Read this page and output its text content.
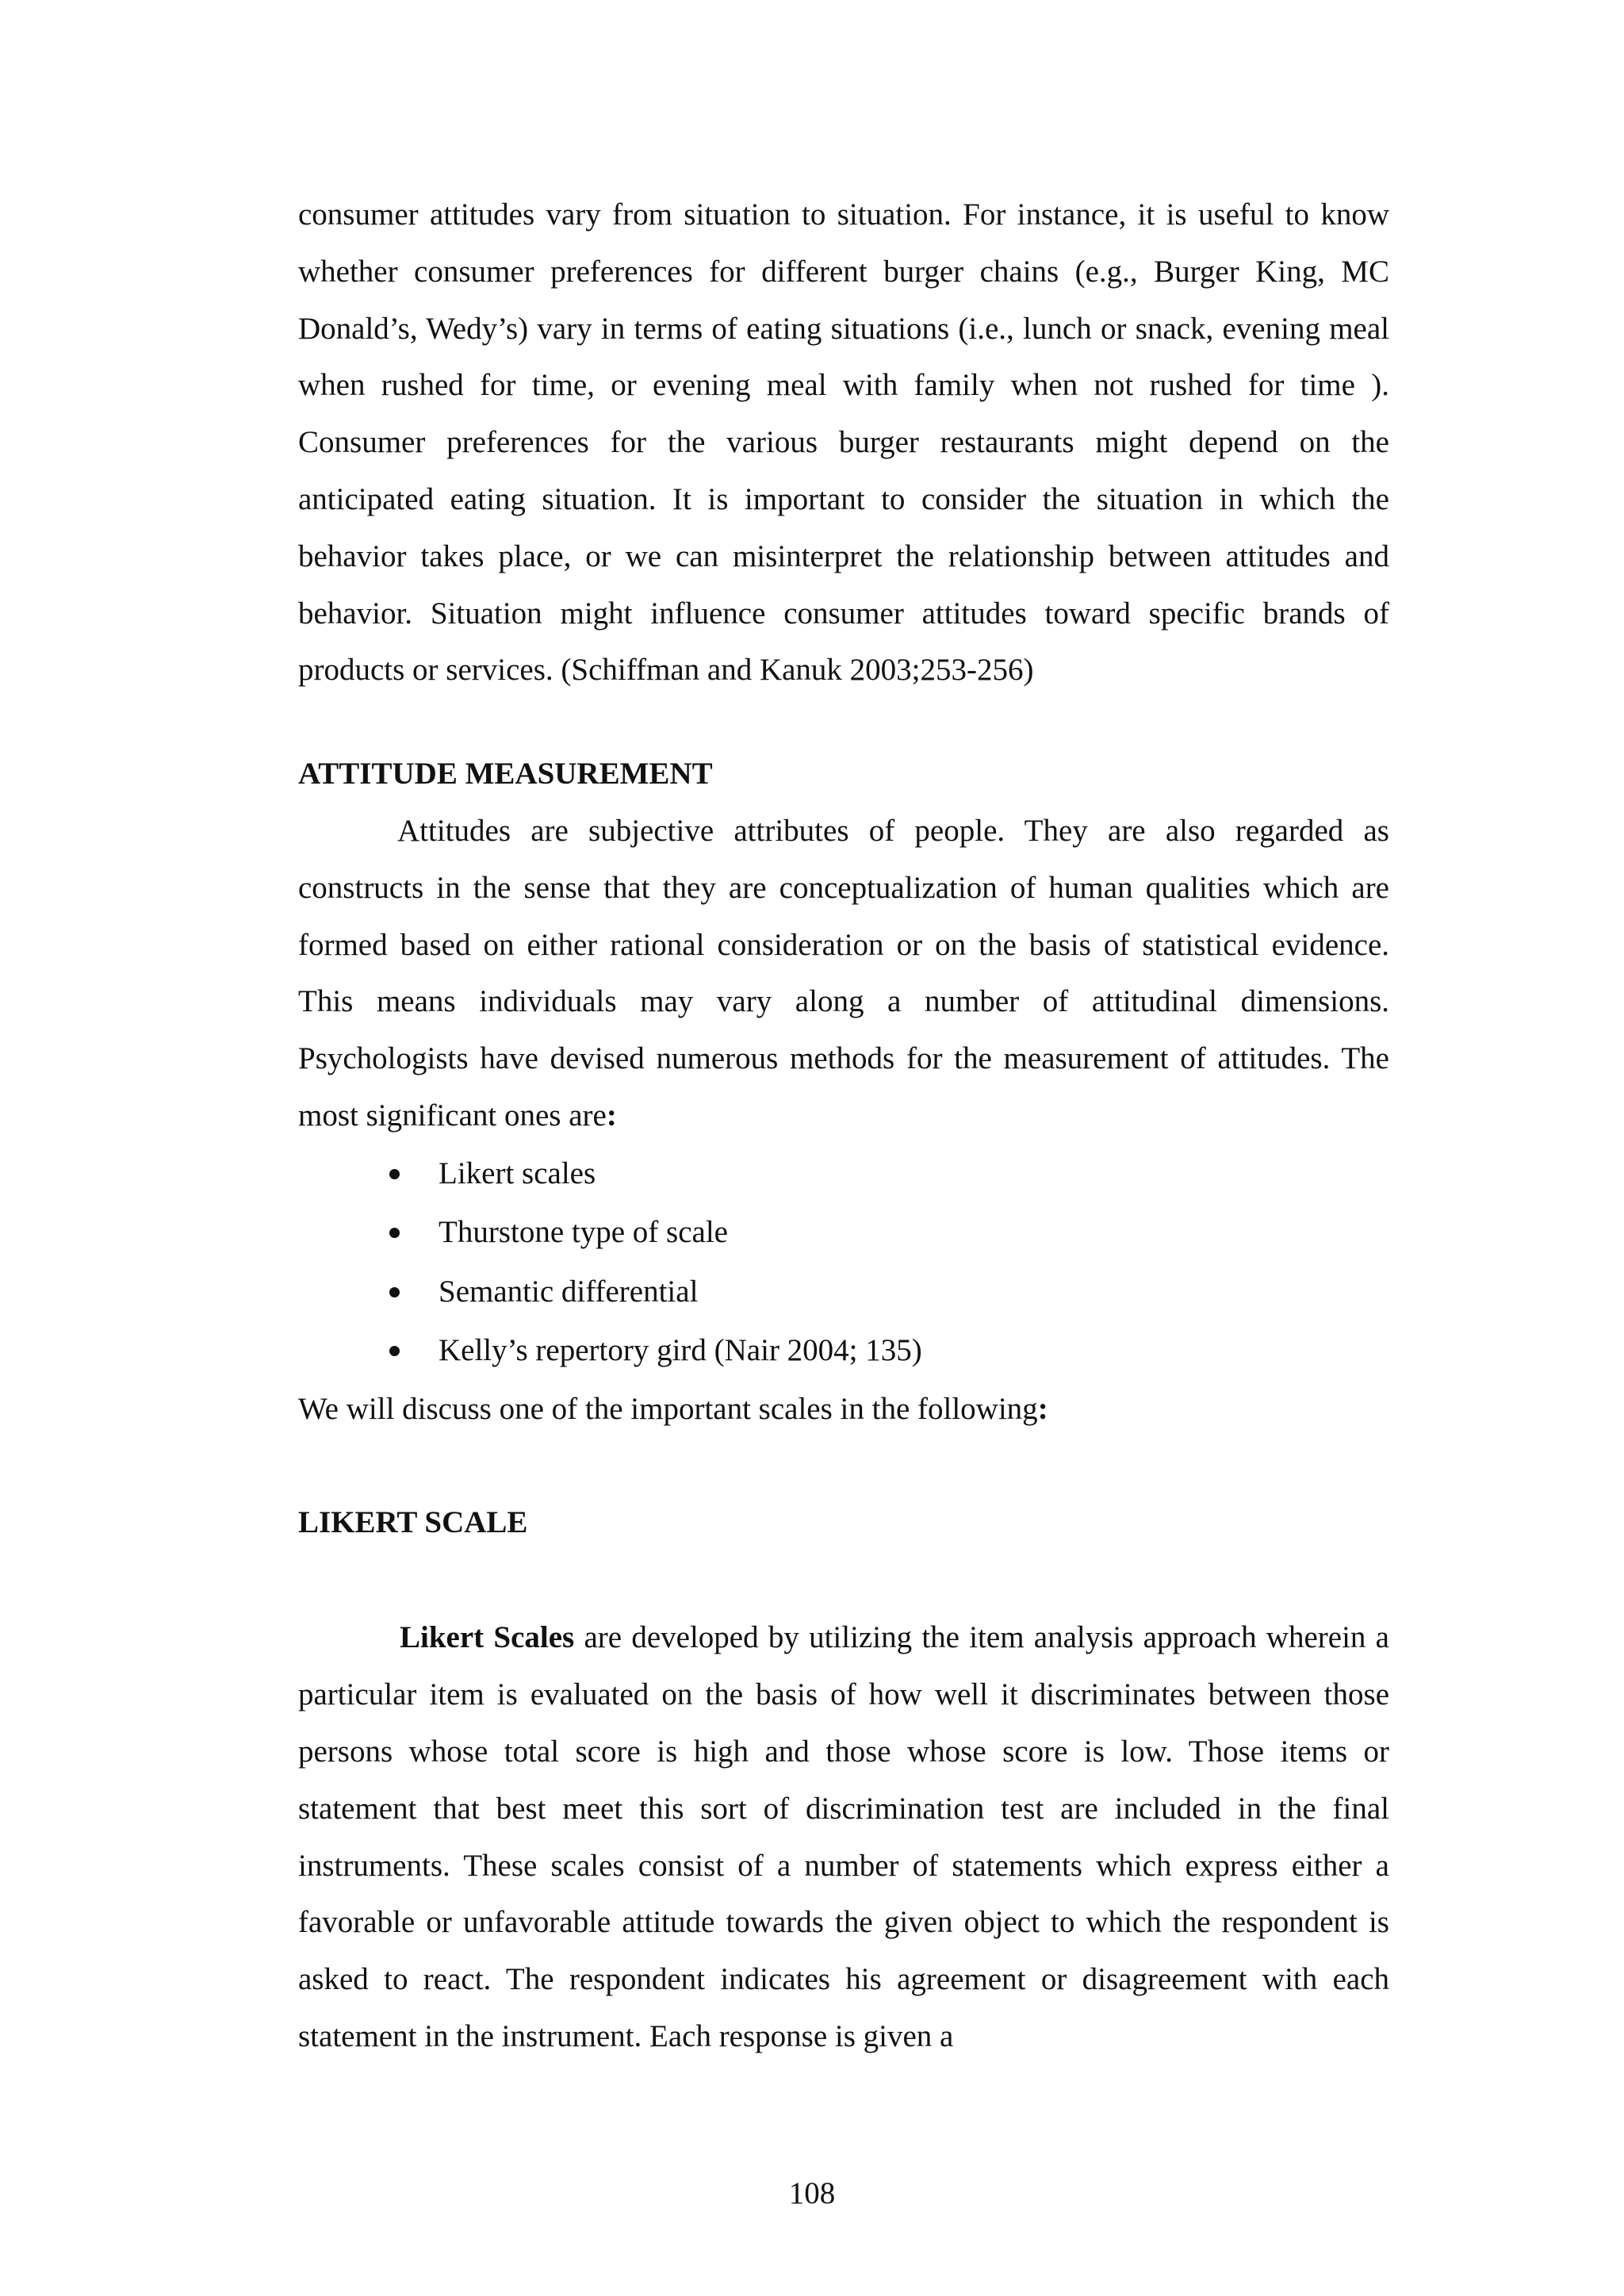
consumer attitudes vary from situation to situation. For instance, it is useful to know whether consumer preferences for different burger chains (e.g., Burger King, MC Donald’s, Wedy’s) vary in terms of eating situations (i.e., lunch or snack, evening meal when rushed for time, or evening meal with family when not rushed for time ). Consumer preferences for the various burger restaurants might depend on the anticipated eating situation. It is important to consider the situation in which the behavior takes place, or we can misinterpret the relationship between attitudes and behavior. Situation might influence consumer attitudes toward specific brands of products or services. (Schiffman and Kanuk 2003;253-256)

ATTITUDE MEASUREMENT

Attitudes are subjective attributes of people. They are also regarded as constructs in the sense that they are conceptualization of human qualities which are formed based on either rational consideration or on the basis of statistical evidence. This means individuals may vary along a number of attitudinal dimensions. Psychologists have devised numerous methods for the measurement of attitudes. The most significant ones are:

Likert scales
Thurstone type of scale
Semantic differential
Kelly’s repertory gird (Nair 2004; 135)

We will discuss one of the important scales in the following:

LIKERT SCALE

Likert Scales are developed by utilizing the item analysis approach wherein a particular item is evaluated on the basis of how well it discriminates between those persons whose total score is high and those whose score is low. Those items or statement that best meet this sort of discrimination test are included in the final instruments. These scales consist of a number of statements which express either a favorable or unfavorable attitude towards the given object to which the respondent is asked to react. The respondent indicates his agreement or disagreement with each statement in the instrument. Each response is given a

108
